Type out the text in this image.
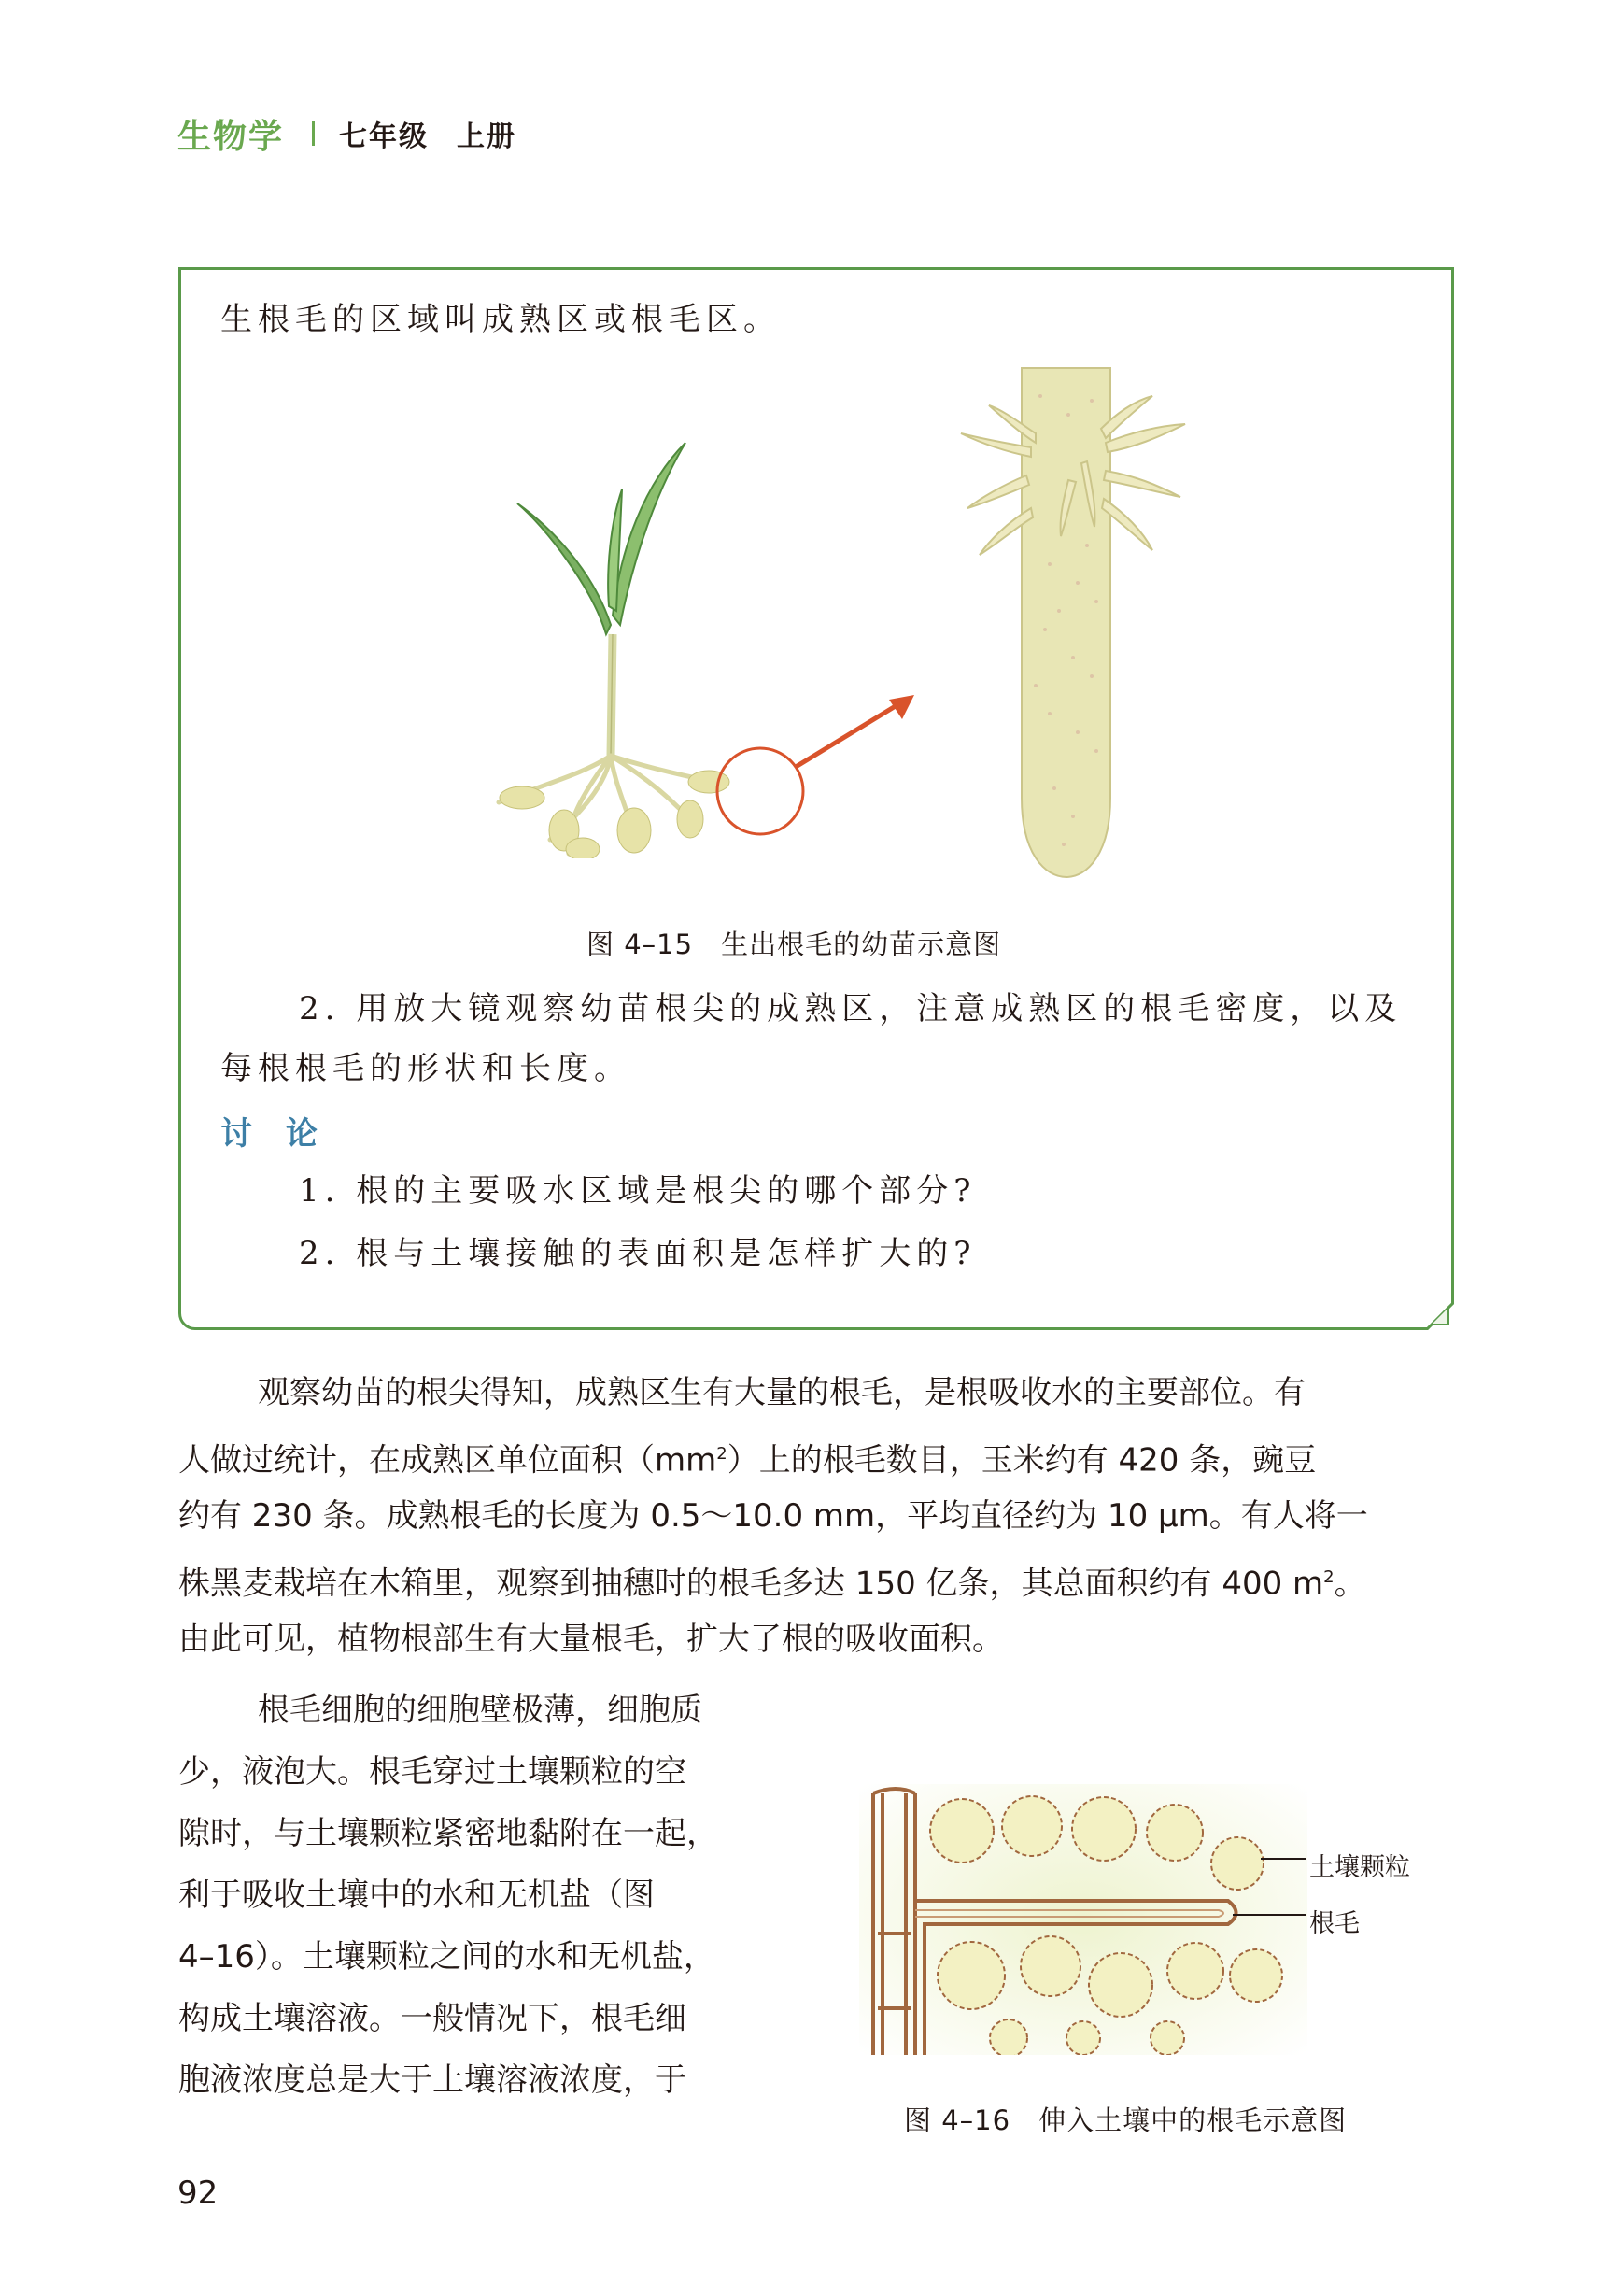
生物学 七年级 上册
生根毛的区域叫成熟区或根毛区。
图 4–15　生出根毛的幼苗示意图
2. 用放大镜观察幼苗根尖的成熟区，注意成熟区的根毛密度，以及
每根根毛的形状和长度。
讨 论
1. 根的主要吸水区域是根尖的哪个部分?
2. 根与土壤接触的表面积是怎样扩大的?
观察幼苗的根尖得知，成熟区生有大量的根毛，是根吸收水的主要部位。有
人做过统计，在成熟区单位面积$(mm^2)$上的根毛数目，玉米约有 420 条，豌豆
约有 230 条。成熟根毛的长度为 0.5～10.0 mm，平均直径约为 10 μm。有人将一
株黑麦栽培在木箱里，观察到抽穗时的根毛多达 150 亿条，其总面积约有 400 $m^2$。
由此可见，植物根部生有大量根毛，扩大了根的吸收面积。
根毛细胞的细胞壁极薄，细胞质
少，液泡大。根毛穿过土壤颗粒的空
隙时，与土壤颗粒紧密地黏附在一起，
利于吸收土壤中的水和无机盐（图
4–16）。土壤颗粒之间的水和无机盐，
构成土壤溶液。一般情况下，根毛细
胞液浓度总是大于土壤溶液浓度，于
土壤颗粒
根毛
图 4–16　伸入土壤中的根毛示意图
92
